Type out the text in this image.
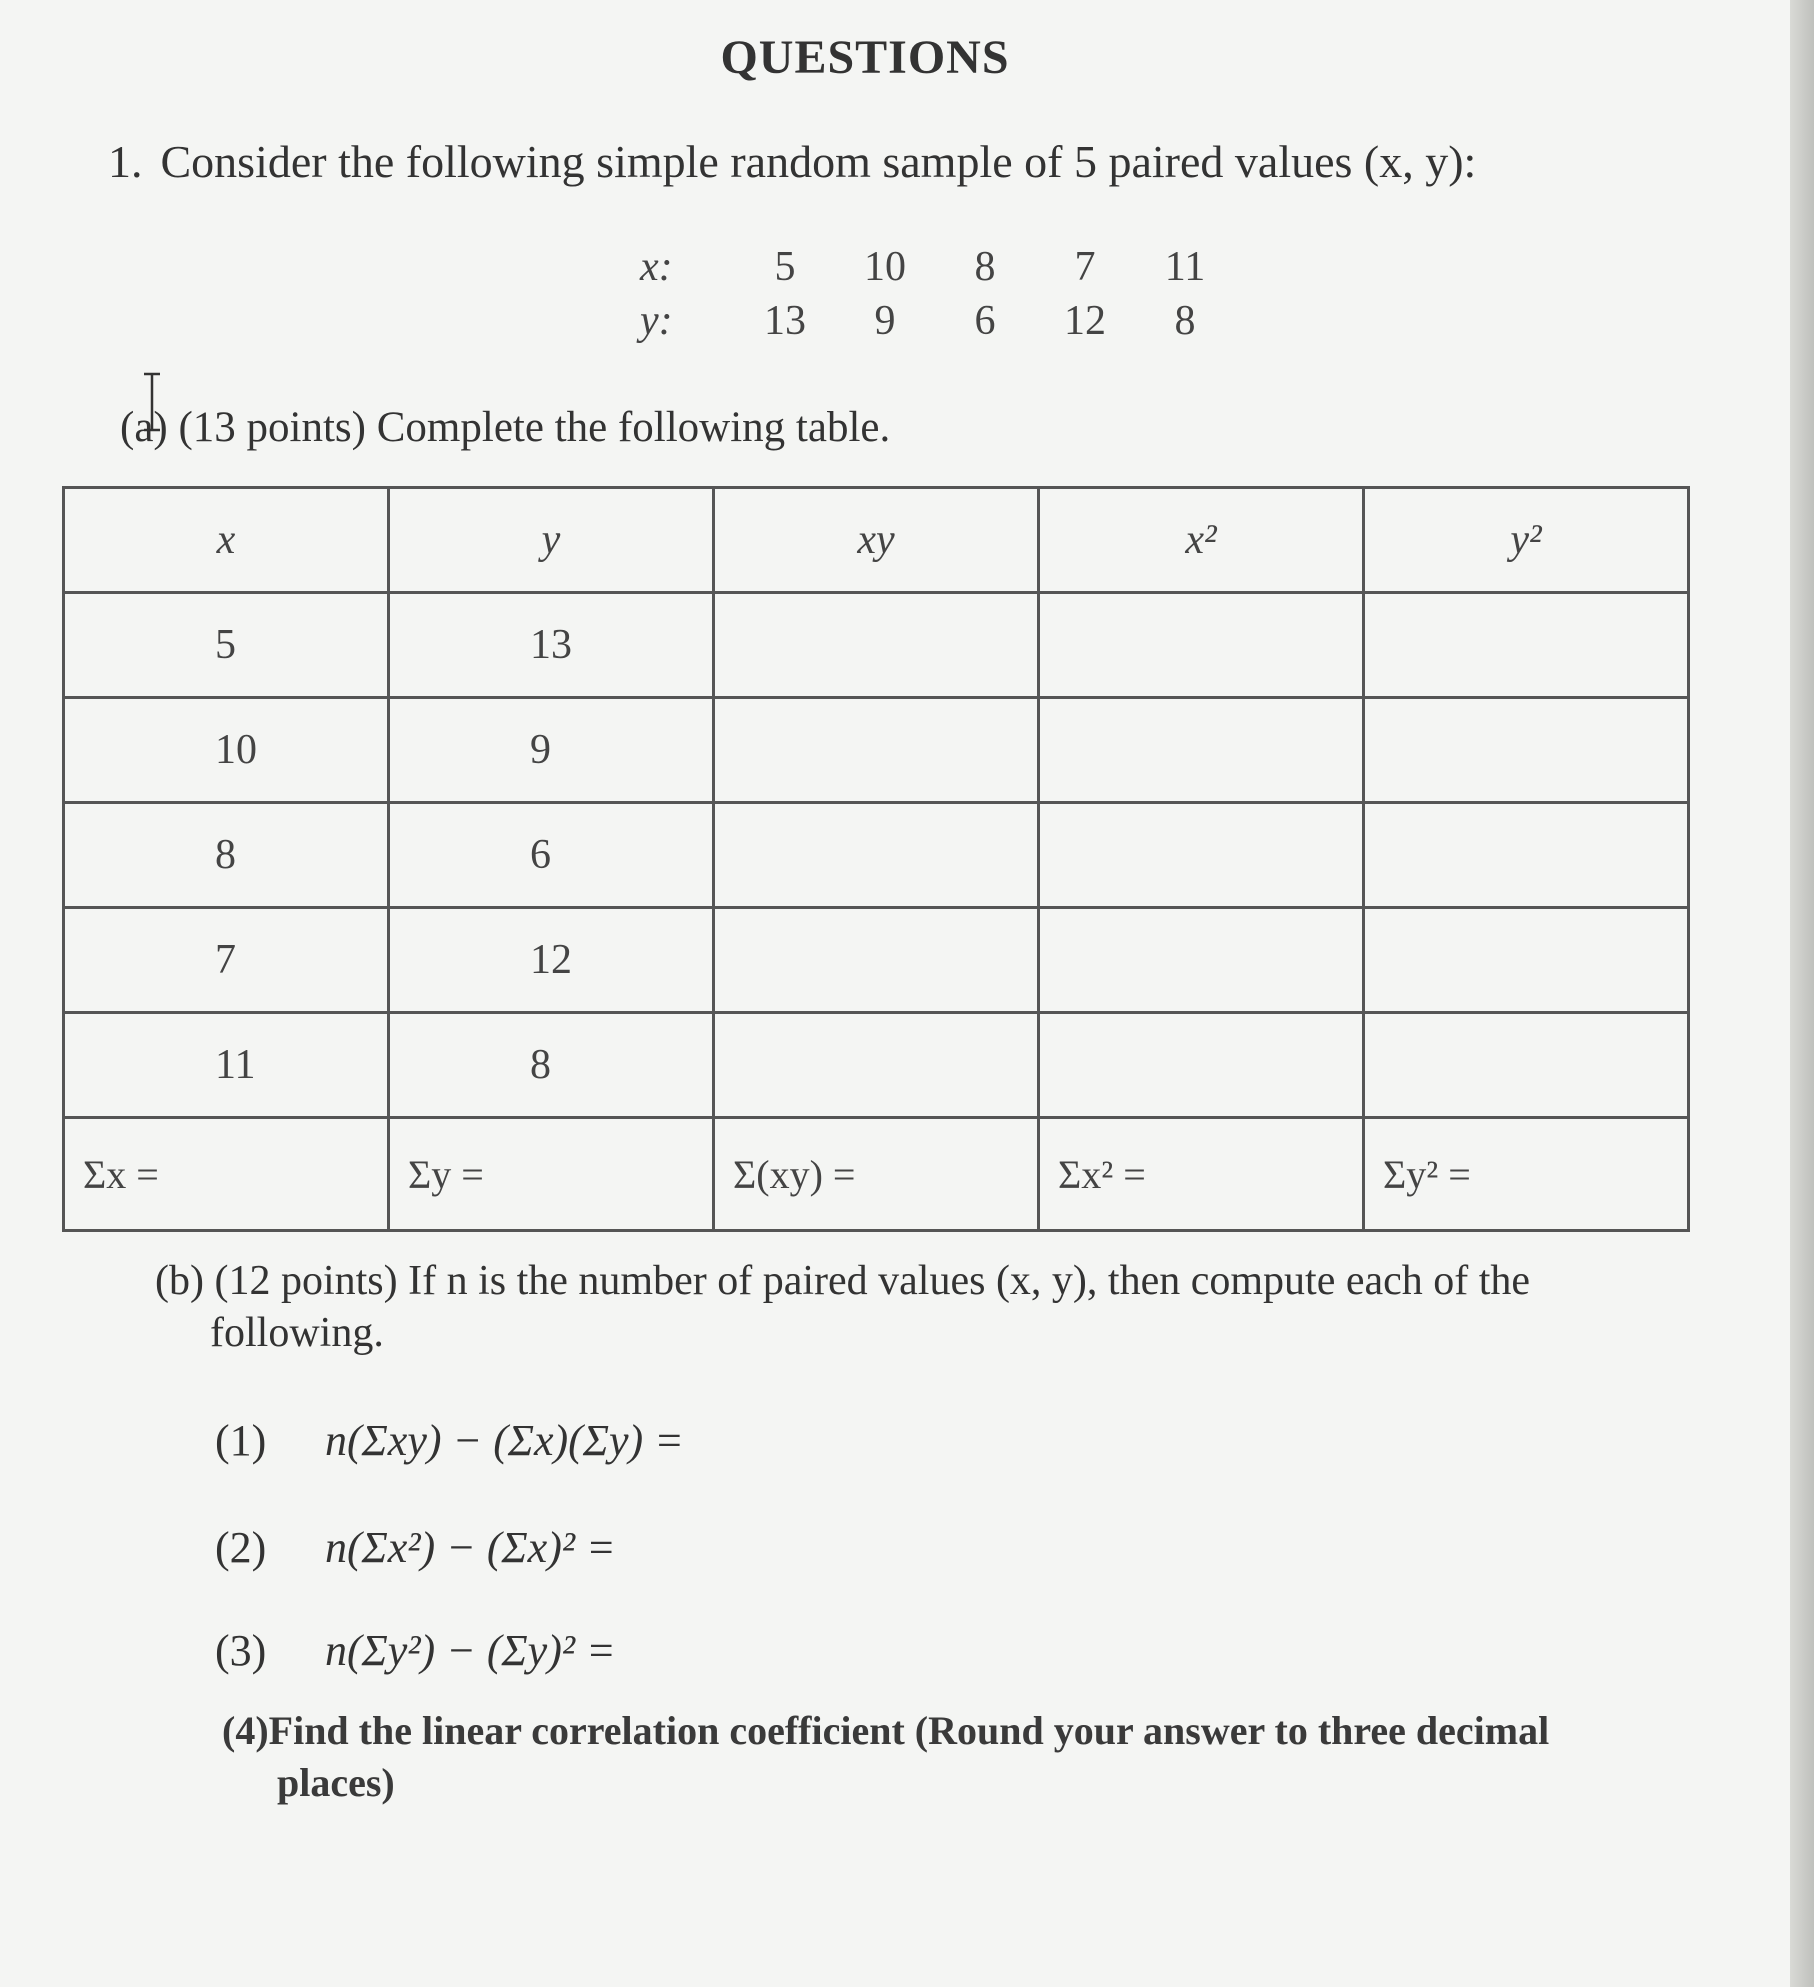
QUESTIONS
1. Consider the following simple random sample of 5 paired values (x, y):
x:	5	10	8	7	11
y:	13	9	6	12	8
(a) (13 points) Complete the following table.
x	y	xy	x²	y²
5	13			
10	9			
8	6			
7	12			
11	8			
Σx =	Σy =	Σ(xy) =	Σx² =	Σy² =
(b) (12 points) If n is the number of paired values (x, y), then compute each of the
following.
(1) n(Σxy) − (Σx)(Σy) =
(2) n(Σx²) − (Σx)² =
(3) n(Σy²) − (Σy)² =
(4)Find the linear correlation coefficient (Round your answer to three decimal
places)
